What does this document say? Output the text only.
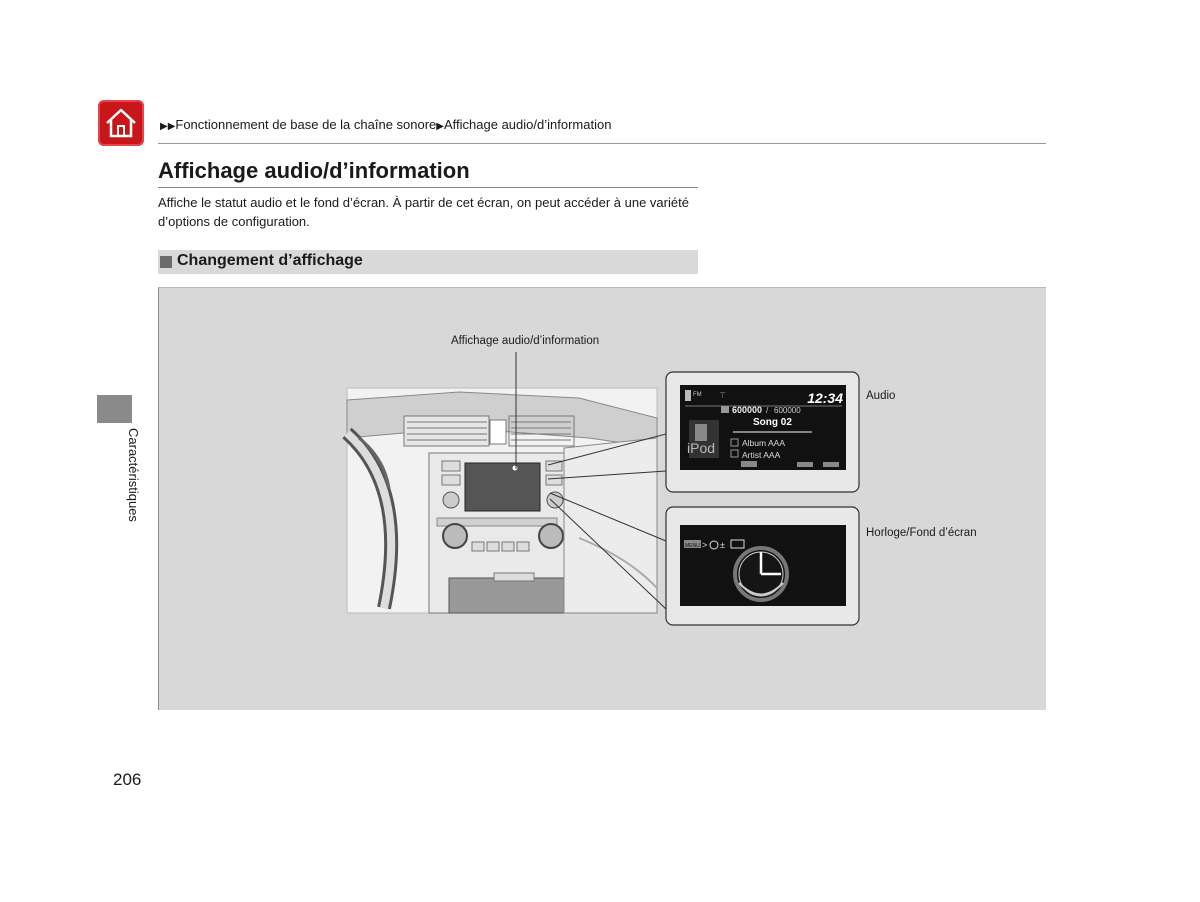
▶▶Fonctionnement de base de la chaîne sonore▶Affichage audio/d’information
Affichage audio/d’information

Affiche le statut audio et le fond d’écran. À partir de cet écran, on peut accéder à une variété d’options de configuration.

Changement d’affichage
Caractéristiques
Affichage audio/d’information
Audio
Horloge/Fond d’écran
FM ⊤	12:34
600000 / 600000
Song 02
iPod	Album AAA
Artist AAA
MENU > ±
206
